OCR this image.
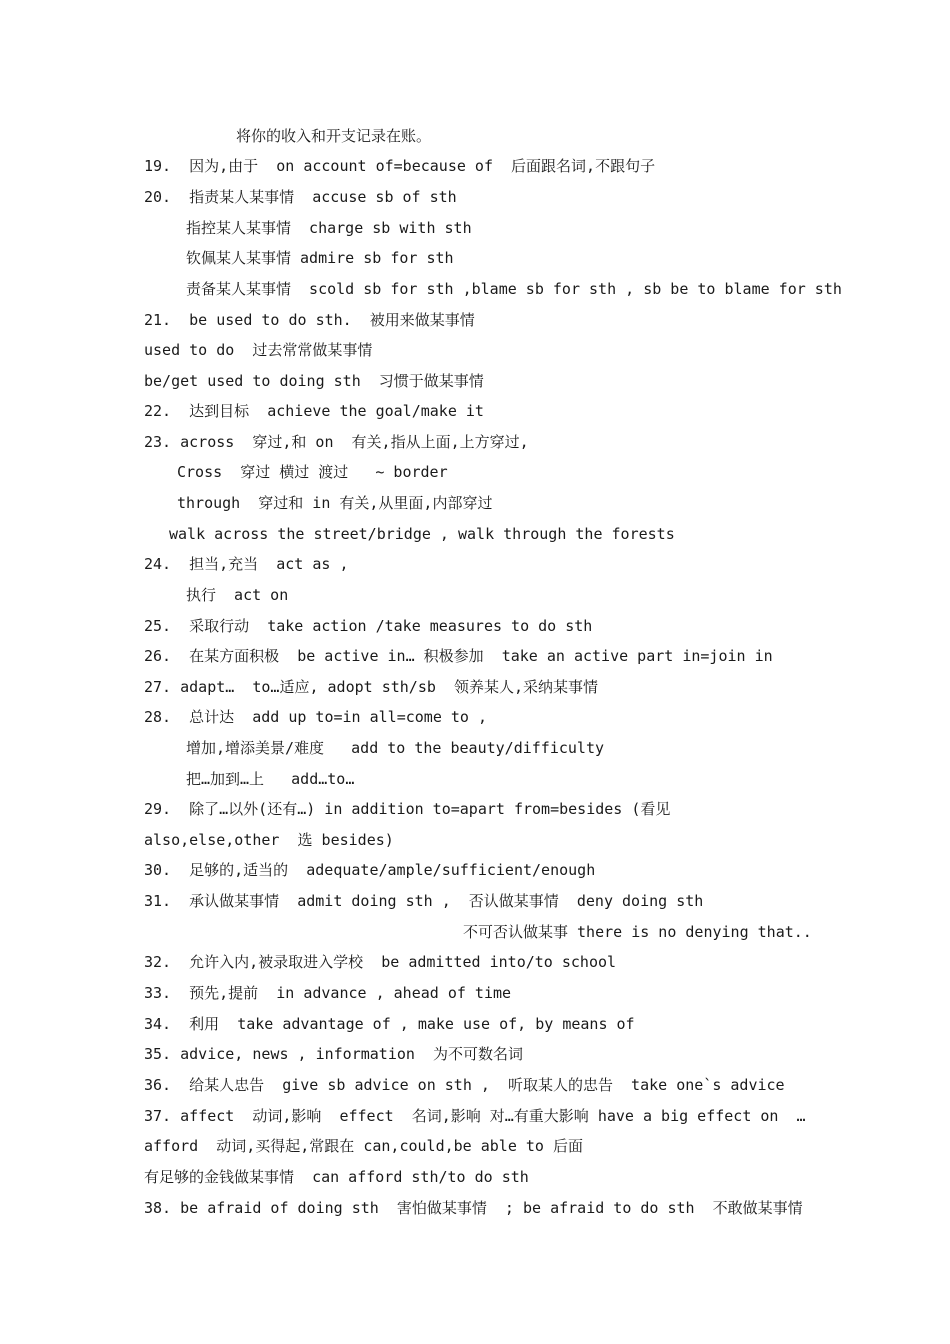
将你的收入和开支记录在账。
19.  因为,由于  on account of=because of  后面跟名词,不跟句子
20.  指责某人某事情  accuse sb of sth
指控某人某事情  charge sb with sth
钦佩某人某事情 admire sb for sth
责备某人某事情  scold sb for sth ,blame sb for sth , sb be to blame for sth
21.  be used to do sth.  被用来做某事情
used to do  过去常常做某事情
be/get used to doing sth  习惯于做某事情
22.  达到目标  achieve the goal/make it
23. across  穿过,和 on  有关,指从上面,上方穿过,
Cross  穿过 横过 渡过   ~ border
through  穿过和 in 有关,从里面,内部穿过
walk across the street/bridge , walk through the forests
24.  担当,充当  act as ,
执行  act on
25.  采取行动  take action /take measures to do sth
26.  在某方面积极  be active in… 积极参加  take an active part in=join in
27. adapt…  to…适应, adopt sth/sb  领养某人,采纳某事情
28.  总计达  add up to=in all=come to ,
增加,增添美景/难度   add to the beauty/difficulty
把…加到…上   add…to…
29.  除了…以外(还有…) in addition to=apart from=besides (看见
also,else,other  选 besides)
30.  足够的,适当的  adequate/ample/sufficient/enough
31.  承认做某事情  admit doing sth ,  否认做某事情  deny doing sth
不可否认做某事 there is no denying that..
32.  允许入内,被录取进入学校  be admitted into/to school
33.  预先,提前  in advance , ahead of time
34.  利用  take advantage of , make use of, by means of
35. advice, news , information  为不可数名词
36.  给某人忠告  give sb advice on sth ,  听取某人的忠告  take one`s advice
37. affect  动词,影响  effect  名词,影响 对…有重大影响 have a big effect on  …
afford  动词,买得起,常跟在 can,could,be able to 后面
有足够的金钱做某事情  can afford sth/to do sth
38. be afraid of doing sth  害怕做某事情  ; be afraid to do sth  不敢做某事情
